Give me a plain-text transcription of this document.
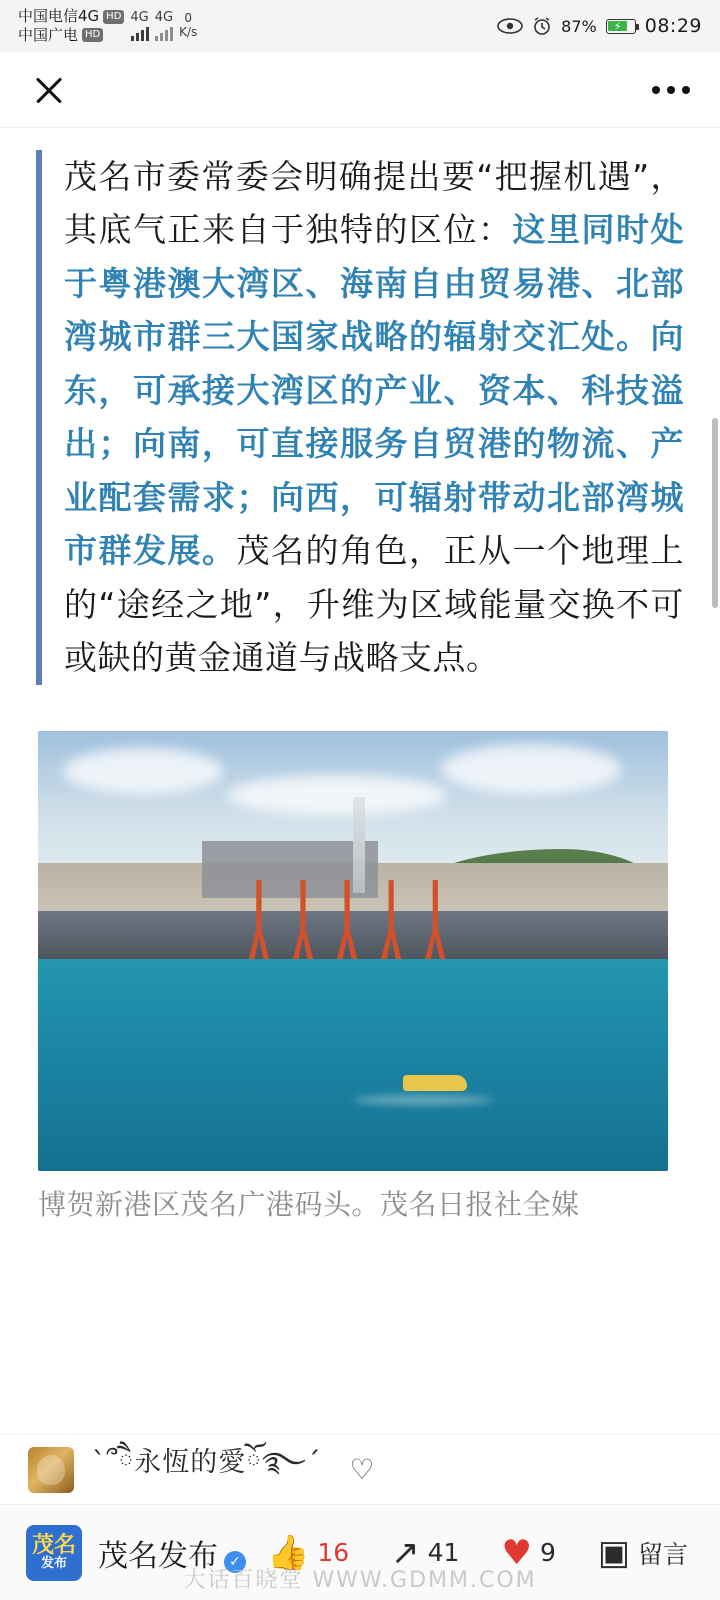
中国电信4G HD
中国广电 HD
4G 4G 0
K/s	87% ⚡ 08:29

茂名市委常委会明确提出要“把握机遇”，其底气正来自于独特的区位：这里同时处于粤港澳大湾区、海南自由贸易港、北部湾城市群三大国家战略的辐射交汇处。向东，可承接大湾区的产业、资本、科技溢出；向南，可直接服务自贸港的物流、产业配套需求；向西，可辐射带动北部湾城市群发展。茂名的角色，正从一个地理上的“途经之地”，升维为区域能量交换不可或缺的黄金通道与战略支点。

博贺新港区茂名广港码头。茂名日报社全媒
ˋ՞ཻ永恆的愛ོ࿐ˊ ♡
茂名
发布 茂名发布 ✓ 👍 16 ↗ 41 ♥ 9 ▣ 留言
大话百晓堂 WWW.GDMM.COM
